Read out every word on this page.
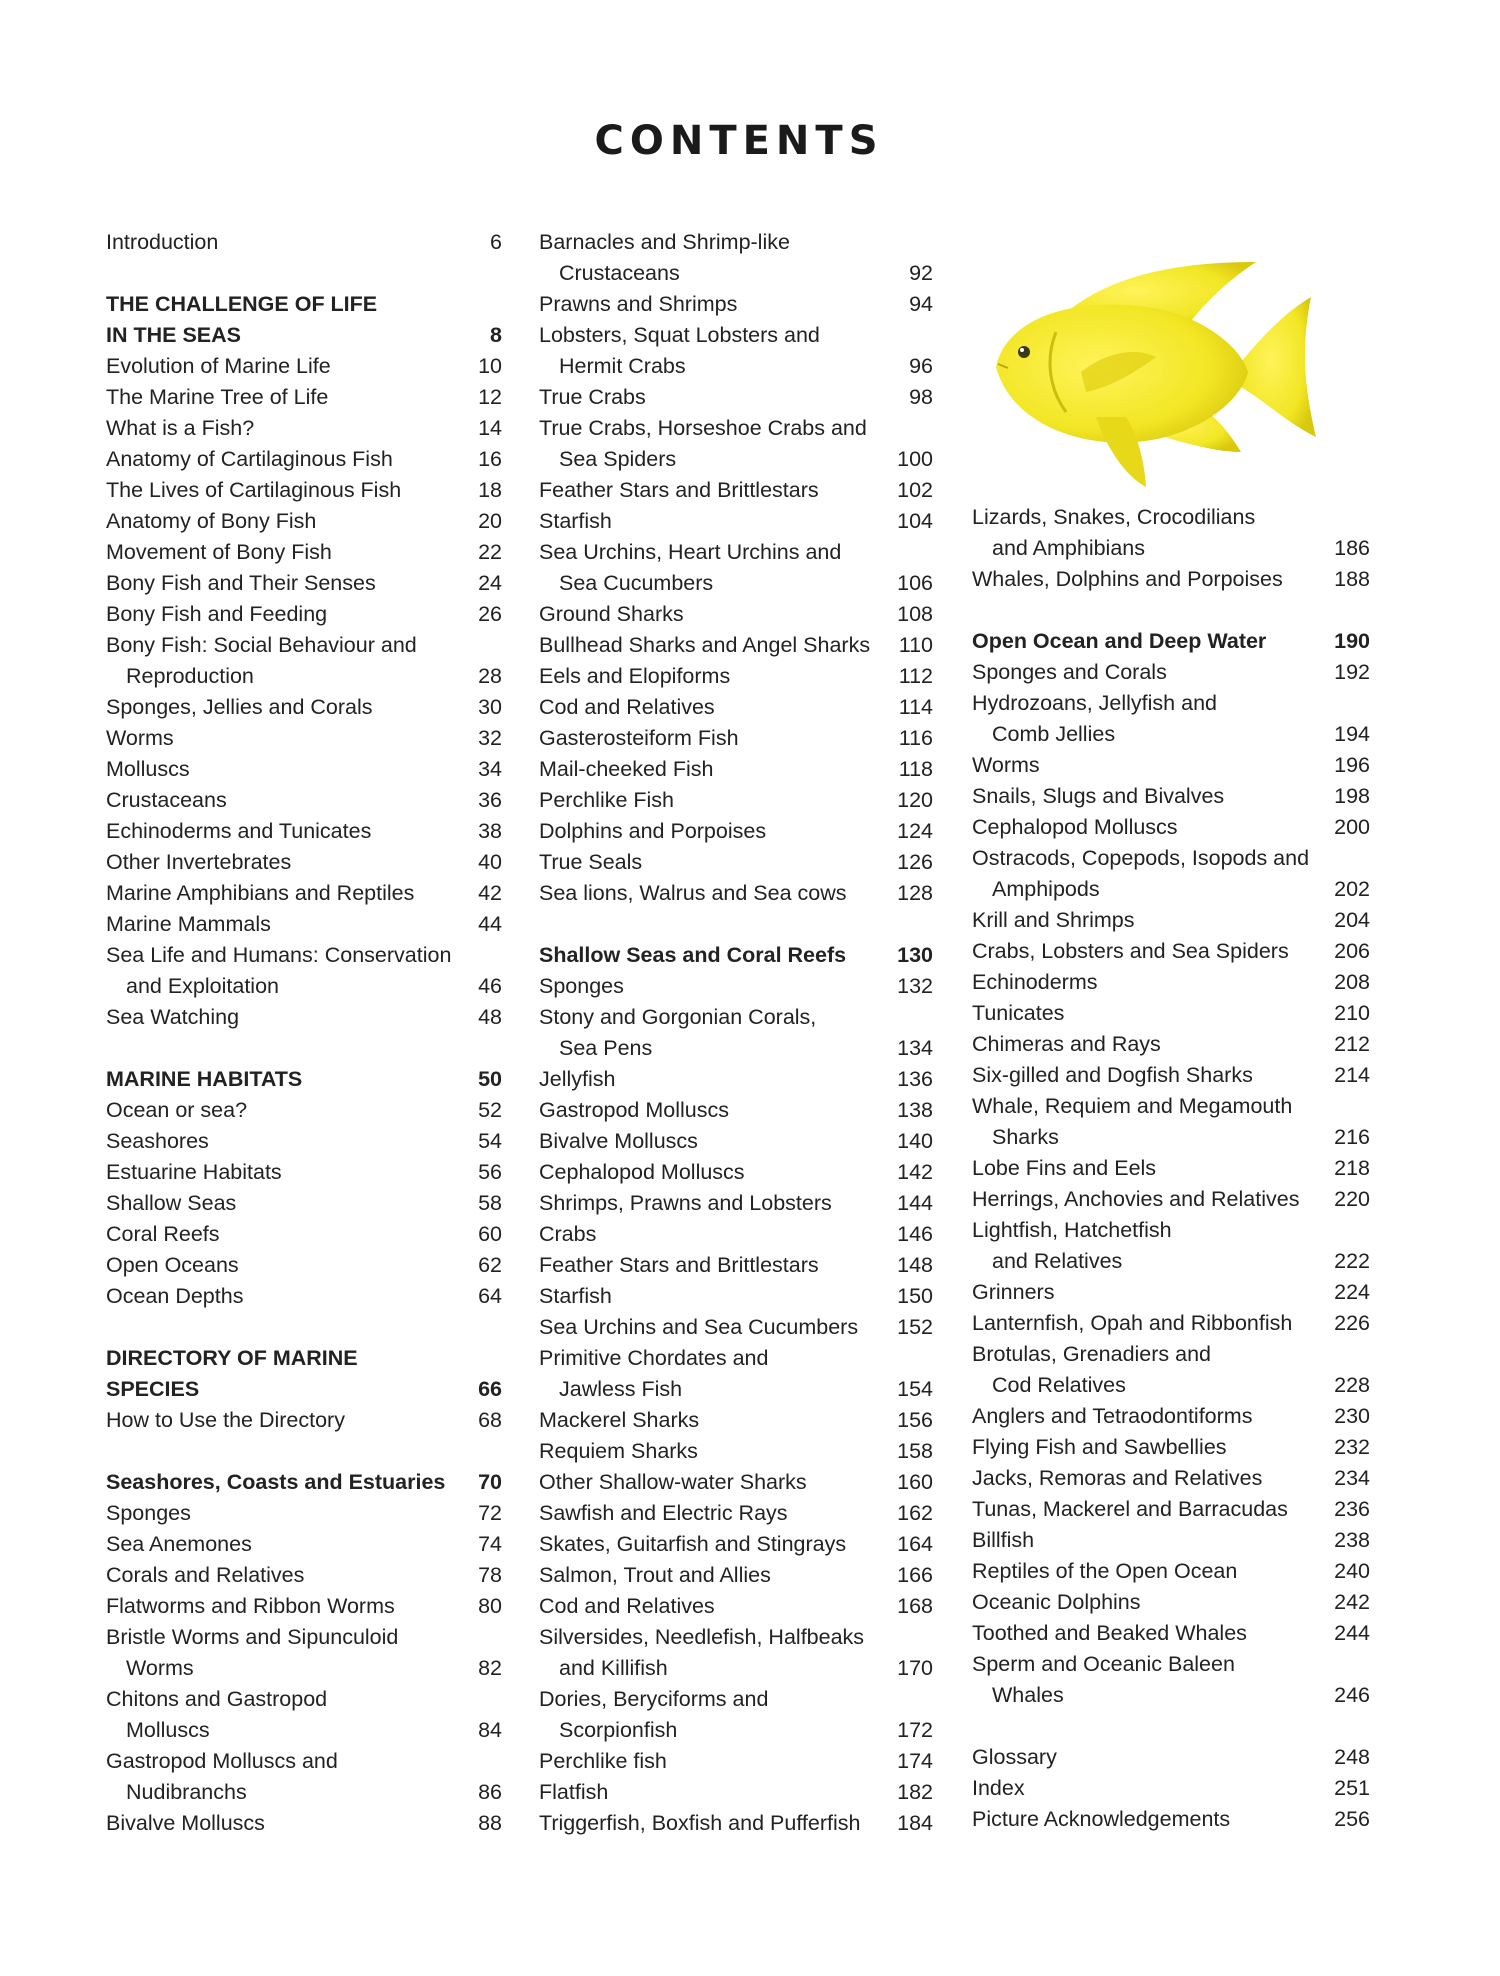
CONTENTS
Introduction	6
THE CHALLENGE OF LIFE
IN THE SEAS	8
Evolution of Marine Life	10
The Marine Tree of Life	12
What is a Fish?	14
Anatomy of Cartilaginous Fish	16
The Lives of Cartilaginous Fish	18
Anatomy of Bony Fish	20
Movement of Bony Fish	22
Bony Fish and Their Senses	24
Bony Fish and Feeding	26
Bony Fish: Social Behaviour and
Reproduction	28
Sponges, Jellies and Corals	30
Worms	32
Molluscs	34
Crustaceans	36
Echinoderms and Tunicates	38
Other Invertebrates	40
Marine Amphibians and Reptiles	42
Marine Mammals	44
Sea Life and Humans: Conservation
and Exploitation	46
Sea Watching	48
MARINE HABITATS	50
Ocean or sea?	52
Seashores	54
Estuarine Habitats	56
Shallow Seas	58
Coral Reefs	60
Open Oceans	62
Ocean Depths	64
DIRECTORY OF MARINE
SPECIES	66
How to Use the Directory	68
Seashores, Coasts and Estuaries	70
Sponges	72
Sea Anemones	74
Corals and Relatives	78
Flatworms and Ribbon Worms	80
Bristle Worms and Sipunculoid
Worms	82
Chitons and Gastropod
Molluscs	84
Gastropod Molluscs and
Nudibranchs	86
Bivalve Molluscs	88
Barnacles and Shrimp-like
Crustaceans	92
Prawns and Shrimps	94
Lobsters, Squat Lobsters and
Hermit Crabs	96
True Crabs	98
True Crabs, Horseshoe Crabs and
Sea Spiders	100
Feather Stars and Brittlestars	102
Starfish	104
Sea Urchins, Heart Urchins and
Sea Cucumbers	106
Ground Sharks	108
Bullhead Sharks and Angel Sharks	110
Eels and Elopiforms	112
Cod and Relatives	114
Gasterosteiform Fish	116
Mail-cheeked Fish	118
Perchlike Fish	120
Dolphins and Porpoises	124
True Seals	126
Sea lions, Walrus and Sea cows	128
Shallow Seas and Coral Reefs	130
Sponges	132
Stony and Gorgonian Corals,
Sea Pens	134
Jellyfish	136
Gastropod Molluscs	138
Bivalve Molluscs	140
Cephalopod Molluscs	142
Shrimps, Prawns and Lobsters	144
Crabs	146
Feather Stars and Brittlestars	148
Starfish	150
Sea Urchins and Sea Cucumbers	152
Primitive Chordates and
Jawless Fish	154
Mackerel Sharks	156
Requiem Sharks	158
Other Shallow-water Sharks	160
Sawfish and Electric Rays	162
Skates, Guitarfish and Stingrays	164
Salmon, Trout and Allies	166
Cod and Relatives	168
Silversides, Needlefish, Halfbeaks
and Killifish	170
Dories, Beryciforms and
Scorpionfish	172
Perchlike fish	174
Flatfish	182
Triggerfish, Boxfish and Pufferfish	184
Lizards, Snakes, Crocodilians
and Amphibians	186
Whales, Dolphins and Porpoises	188
Open Ocean and Deep Water	190
Sponges and Corals	192
Hydrozoans, Jellyfish and
Comb Jellies	194
Worms	196
Snails, Slugs and Bivalves	198
Cephalopod Molluscs	200
Ostracods, Copepods, Isopods and
Amphipods	202
Krill and Shrimps	204
Crabs, Lobsters and Sea Spiders	206
Echinoderms	208
Tunicates	210
Chimeras and Rays	212
Six-gilled and Dogfish Sharks	214
Whale, Requiem and Megamouth
Sharks	216
Lobe Fins and Eels	218
Herrings, Anchovies and Relatives	220
Lightfish, Hatchetfish
and Relatives	222
Grinners	224
Lanternfish, Opah and Ribbonfish	226
Brotulas, Grenadiers and
Cod Relatives	228
Anglers and Tetraodontiforms	230
Flying Fish and Sawbellies	232
Jacks, Remoras and Relatives	234
Tunas, Mackerel and Barracudas	236
Billfish	238
Reptiles of the Open Ocean	240
Oceanic Dolphins	242
Toothed and Beaked Whales	244
Sperm and Oceanic Baleen
Whales	246
Glossary	248
Index	251
Picture Acknowledgements	256
